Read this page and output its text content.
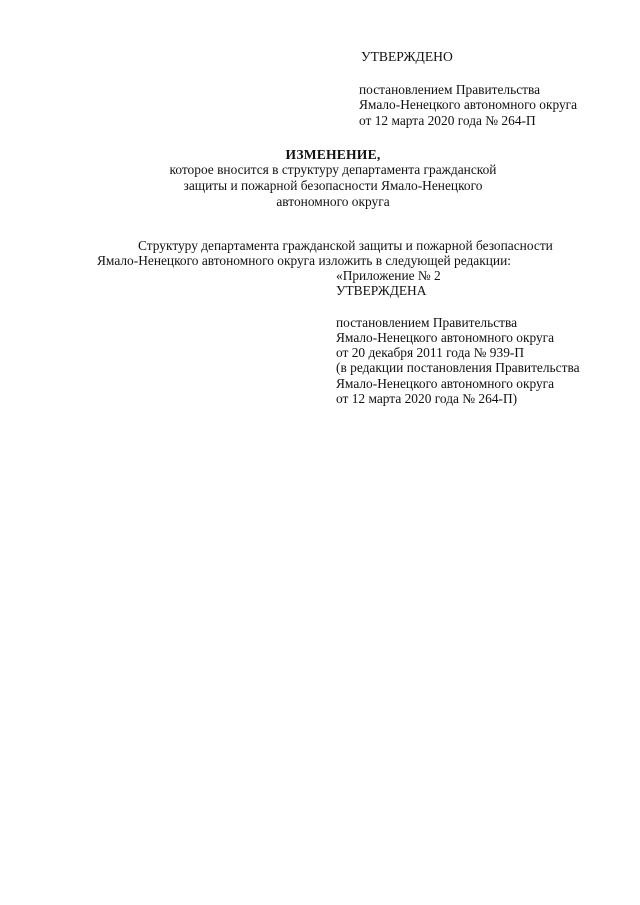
УТВЕРЖДЕНО
постановлением Правительства
Ямало-Ненецкого автономного округа
от 12 марта 2020 года № 264-П
ИЗМЕНЕНИЕ,
которое вносится в структуру департамента гражданской
защиты и пожарной безопасности Ямало-Ненецкого
автономного округа
Структуру департамента гражданской защиты и пожарной безопасности
Ямало-Ненецкого автономного округа изложить в следующей редакции:
«Приложение № 2
УТВЕРЖДЕНА
постановлением Правительства
Ямало-Ненецкого автономного округа
от 20 декабря 2011 года № 939-П
(в редакции постановления Правительства
Ямало-Ненецкого автономного округа
от 12 марта 2020 года № 264-П)
